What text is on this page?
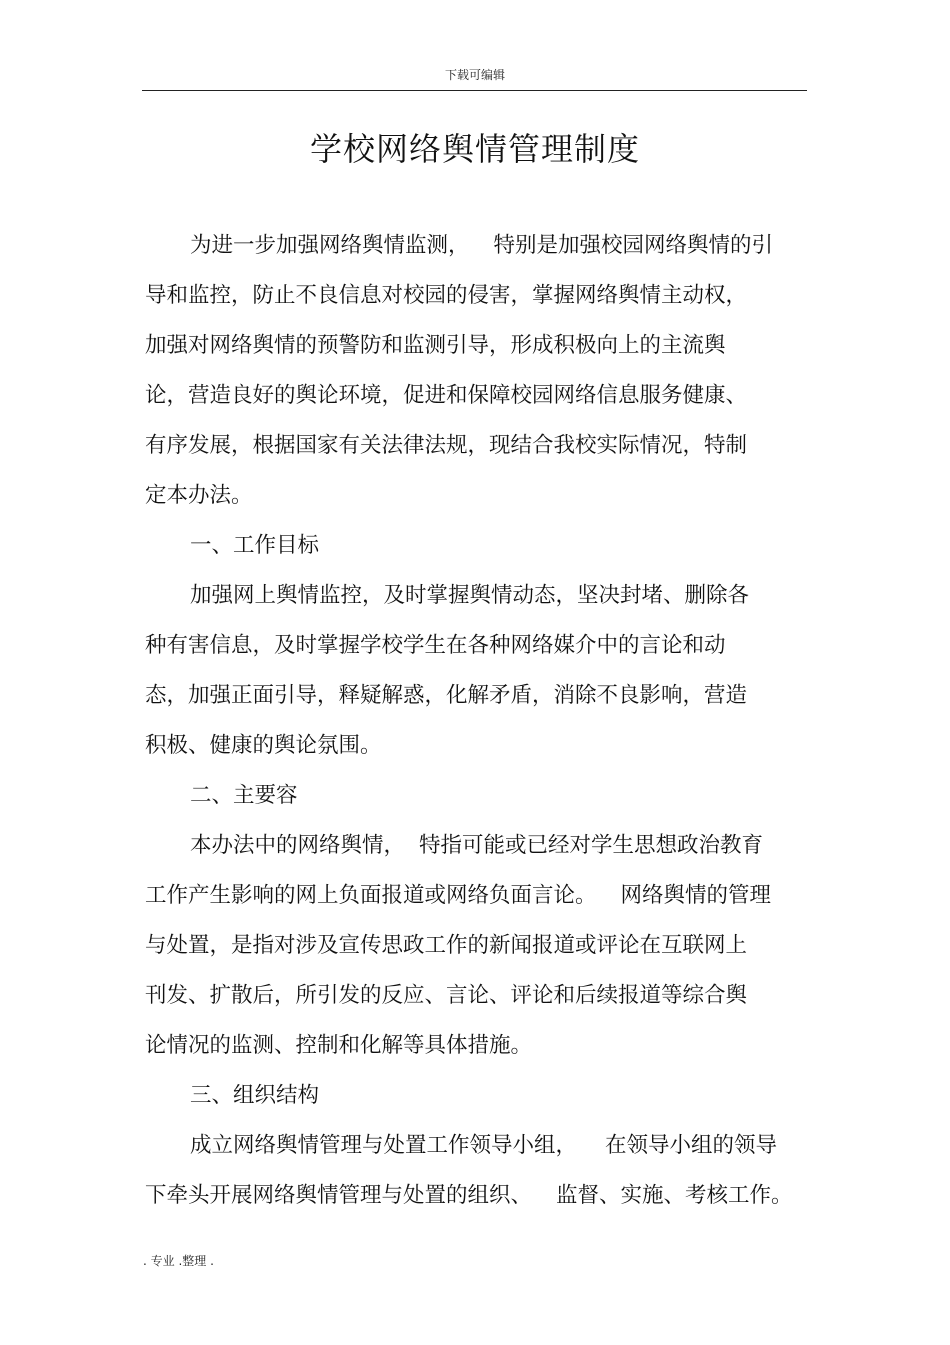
下载可编辑
学校网络舆情管理制度
为进一步加强网络舆情监测， 特别是加强校园网络舆情的引
导和监控，防止不良信息对校园的侵害，掌握网络舆情主动权，
加强对网络舆情的预警防和监测引导，形成积极向上的主流舆
论，营造良好的舆论环境，促进和保障校园网络信息服务健康、
有序发展，根据国家有关法律法规，现结合我校实际情况，特制
定本办法。
一、工作目标
加强网上舆情监控，及时掌握舆情动态，坚决封堵、删除各
种有害信息，及时掌握学校学生在各种网络媒介中的言论和动
态，加强正面引导，释疑解惑，化解矛盾，消除不良影响，营造
积极、健康的舆论氛围。
二、主要容
本办法中的网络舆情， 特指可能或已经对学生思想政治教育
工作产生影响的网上负面报道或网络负面言论。 网络舆情的管理
与处置，是指对涉及宣传思政工作的新闻报道或评论在互联网上
刊发、扩散后，所引发的反应、言论、评论和后续报道等综合舆
论情况的监测、控制和化解等具体措施。
三、组织结构
成立网络舆情管理与处置工作领导小组， 在领导小组的领导
下牵头开展网络舆情管理与处置的组织、 监督、实施、考核工作。
. 专业 .整理 .
